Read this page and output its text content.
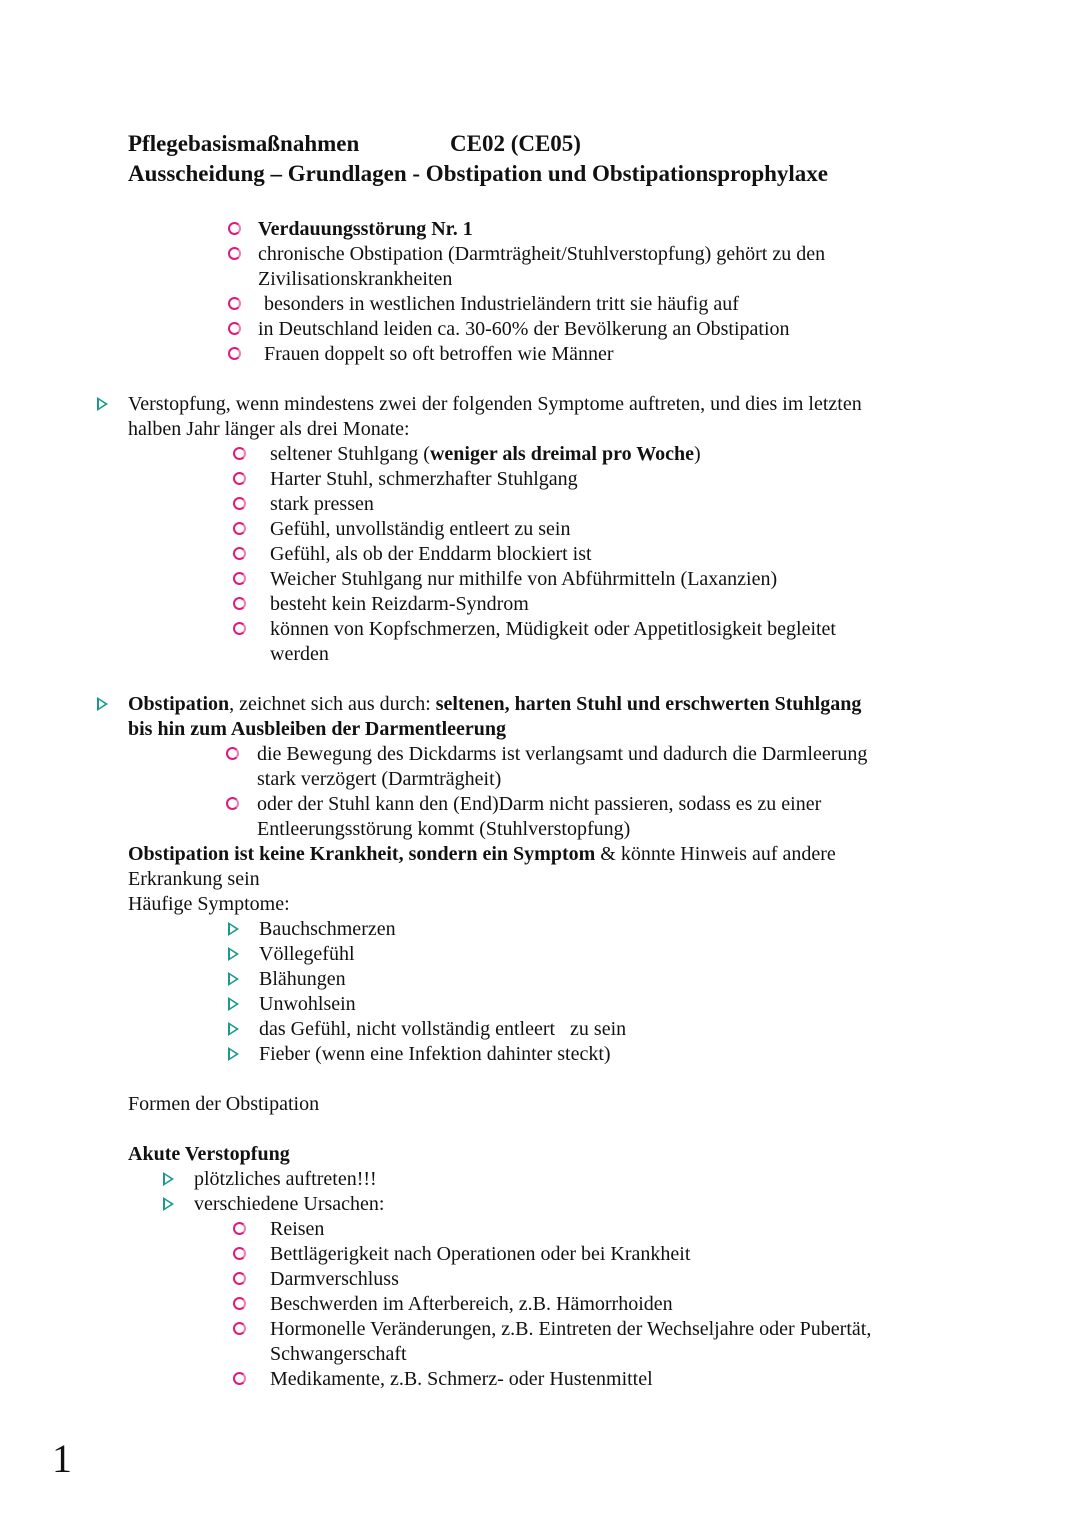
Pflegebasismaßnahmen	CE02 (CE05)
Ausscheidung – Grundlagen - Obstipation und Obstipationsprophylaxe
Verdauungsstörung Nr. 1
chronische Obstipation (Darmträgheit/Stuhlverstopfung) gehört zu den
Zivilisationskrankheiten
besonders in westlichen Industrieländern tritt sie häufig auf
in Deutschland leiden ca. 30-60% der Bevölkerung an Obstipation
Frauen doppelt so oft betroffen wie Männer
Verstopfung, wenn mindestens zwei der folgenden Symptome auftreten, und dies im letzten
halben Jahr länger als drei Monate:
seltener Stuhlgang (weniger als dreimal pro Woche)
Harter Stuhl, schmerzhafter Stuhlgang
stark pressen
Gefühl, unvollständig entleert zu sein
Gefühl, als ob der Enddarm blockiert ist
Weicher Stuhlgang nur mithilfe von Abführmitteln (Laxanzien)
besteht kein Reizdarm-Syndrom
können von Kopfschmerzen, Müdigkeit oder Appetitlosigkeit begleitet
werden
Obstipation, zeichnet sich aus durch: seltenen, harten Stuhl und erschwerten Stuhlgang
bis hin zum Ausbleiben der Darmentleerung
die Bewegung des Dickdarms ist verlangsamt und dadurch die Darmleerung
stark verzögert (Darmträgheit)
oder der Stuhl kann den (End)Darm nicht passieren, sodass es zu einer
Entleerungsstörung kommt (Stuhlverstopfung)
Obstipation ist keine Krankheit, sondern ein Symptom & könnte Hinweis auf andere
Erkrankung sein
Häufige Symptome:
Bauchschmerzen
Völlegefühl
Blähungen
Unwohlsein
das Gefühl, nicht vollständig entleert   zu sein
Fieber (wenn eine Infektion dahinter steckt)
Formen der Obstipation
Akute Verstopfung
plötzliches auftreten!!!
verschiedene Ursachen:
Reisen
Bettlägerigkeit nach Operationen oder bei Krankheit
Darmverschluss
Beschwerden im Afterbereich, z.B. Hämorrhoiden
Hormonelle Veränderungen, z.B. Eintreten der Wechseljahre oder Pubertät,
Schwangerschaft
Medikamente, z.B. Schmerz- oder Hustenmittel
1
